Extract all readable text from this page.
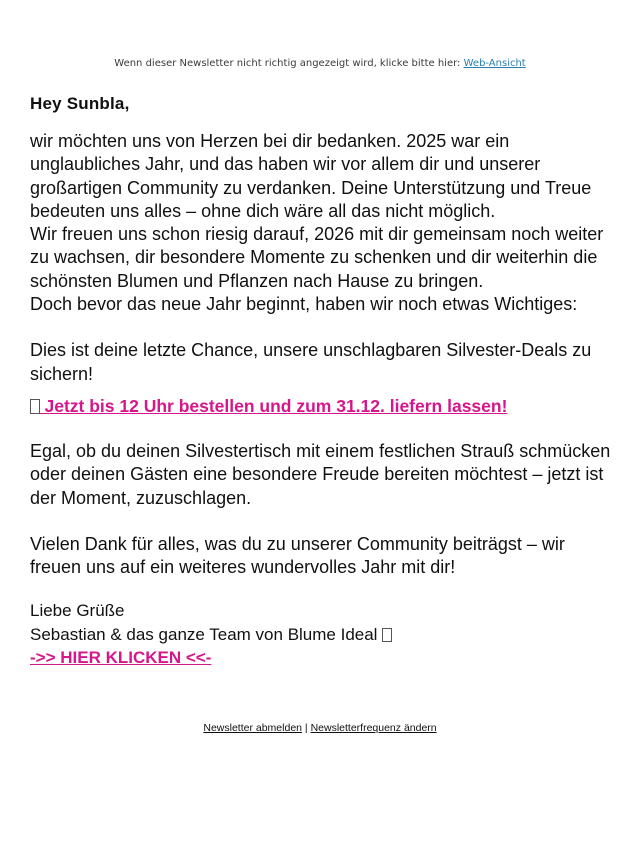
Wenn dieser Newsletter nicht richtig angezeigt wird, klicke bitte hier: Web-Ansicht
Hey Sunbla,

wir möchten uns von Herzen bei dir bedanken. 2025 war ein unglaubliches Jahr, und das haben wir vor allem dir und unserer großartigen Community zu verdanken. Deine Unterstützung und Treue bedeuten uns alles – ohne dich wäre all das nicht möglich.

Wir freuen uns schon riesig darauf, 2026 mit dir gemeinsam noch weiter zu wachsen, dir besondere Momente zu schenken und dir weiterhin die schönsten Blumen und Pflanzen nach Hause zu bringen.

Doch bevor das neue Jahr beginnt, haben wir noch etwas Wichtiges:

Dies ist deine letzte Chance, unsere unschlagbaren Silvester-Deals zu sichern!

Jetzt bis 12 Uhr bestellen und zum 31.12. liefern lassen!

Egal, ob du deinen Silvestertisch mit einem festlichen Strauß schmücken oder deinen Gästen eine besondere Freude bereiten möchtest – jetzt ist der Moment, zuzuschlagen.

Vielen Dank für alles, was du zu unserer Community beiträgst – wir freuen uns auf ein weiteres wundervolles Jahr mit dir!

Liebe Grüße

Sebastian & das ganze Team von Blume Ideal

->> HIER KLICKEN <<-
Newsletter abmelden | Newsletterfrequenz ändern
